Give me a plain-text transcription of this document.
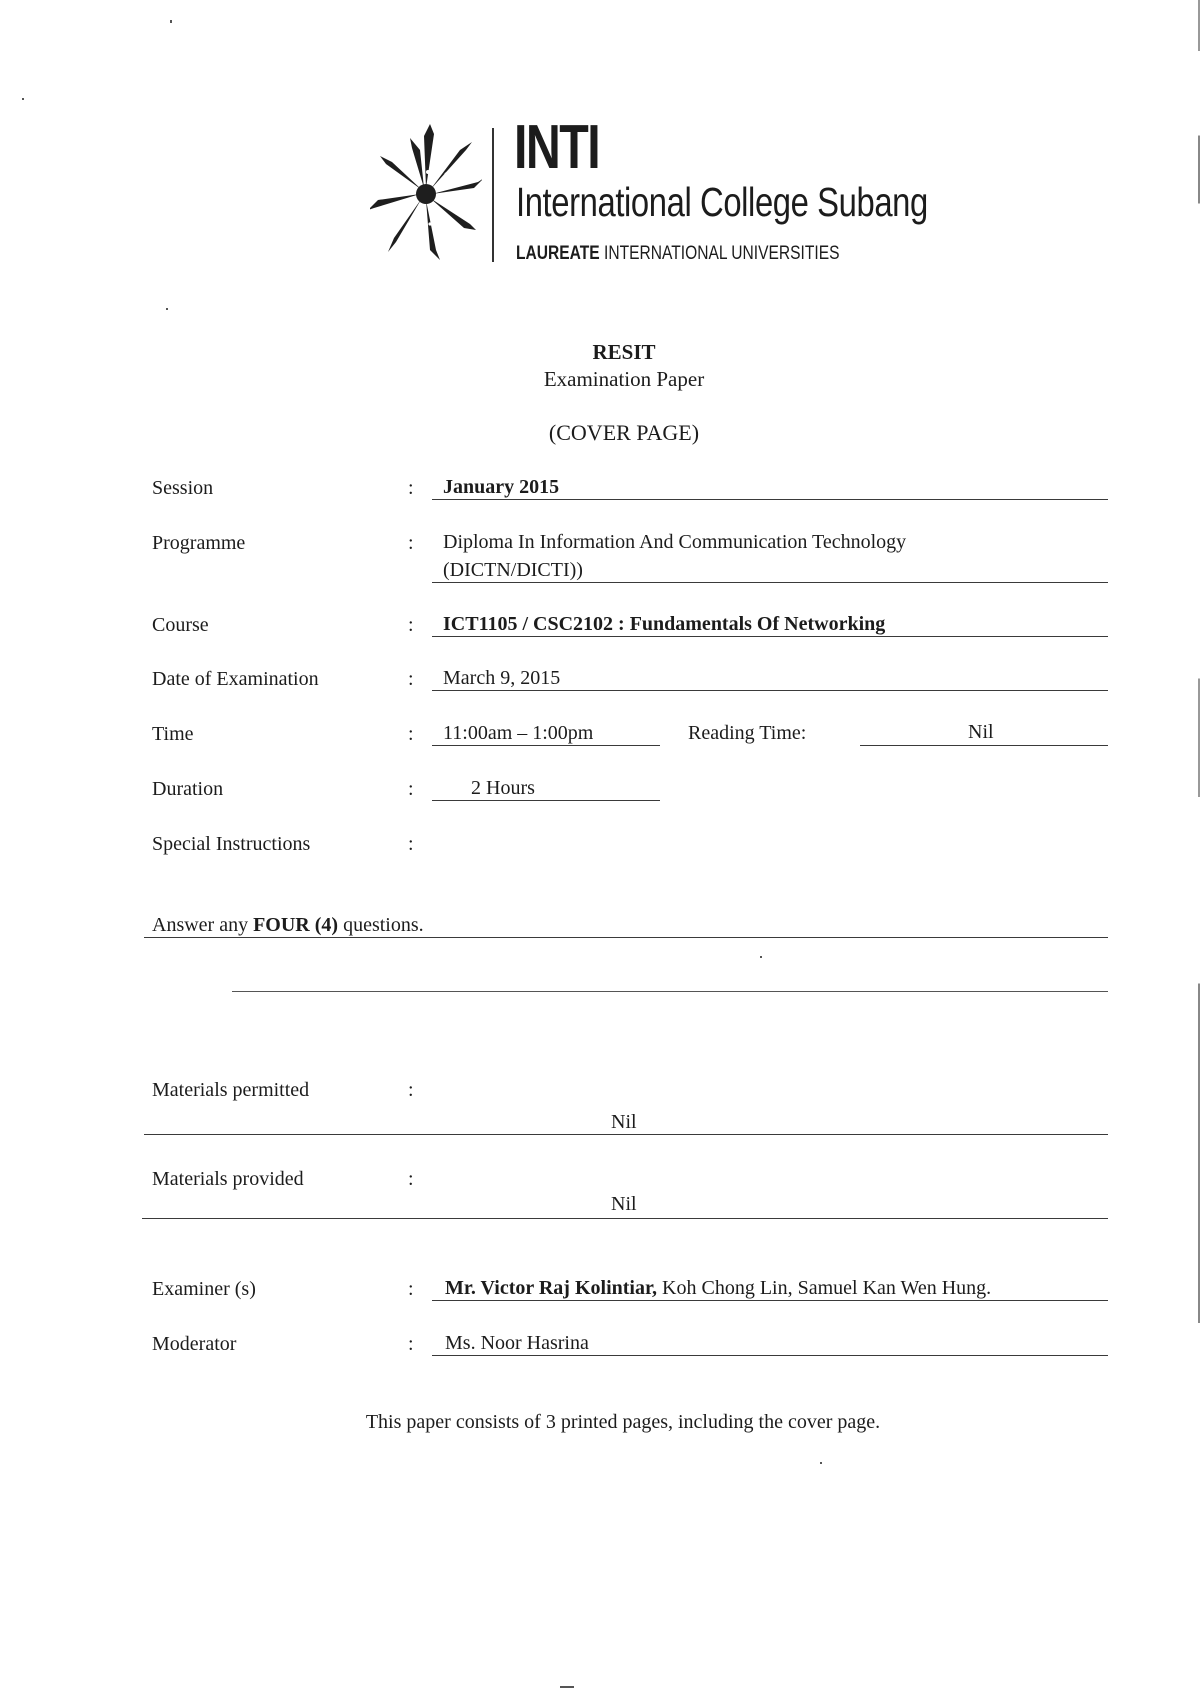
INTI
International College Subang
LAUREATE INTERNATIONAL UNIVERSITIES
RESIT
Examination Paper
(COVER PAGE)
Session	: January 2015
Programme	: Diploma In Information And Communication Technology
(DICTN/DICTI))
Course	: ICT1105 / CSC2102 : Fundamentals Of Networking
Date of Examination	: March 9, 2015
Time	: 11:00am – 1:00pm	Reading Time:	Nil
Duration	:	2 Hours
Special Instructions	:
Answer any FOUR (4) questions.
Materials permitted	:
Nil
Materials provided	:
Nil
Examiner (s)	: Mr. Victor Raj Kolintiar, Koh Chong Lin, Samuel Kan Wen Hung.
Moderator	: Ms. Noor Hasrina
This paper consists of 3 printed pages, including the cover page.
